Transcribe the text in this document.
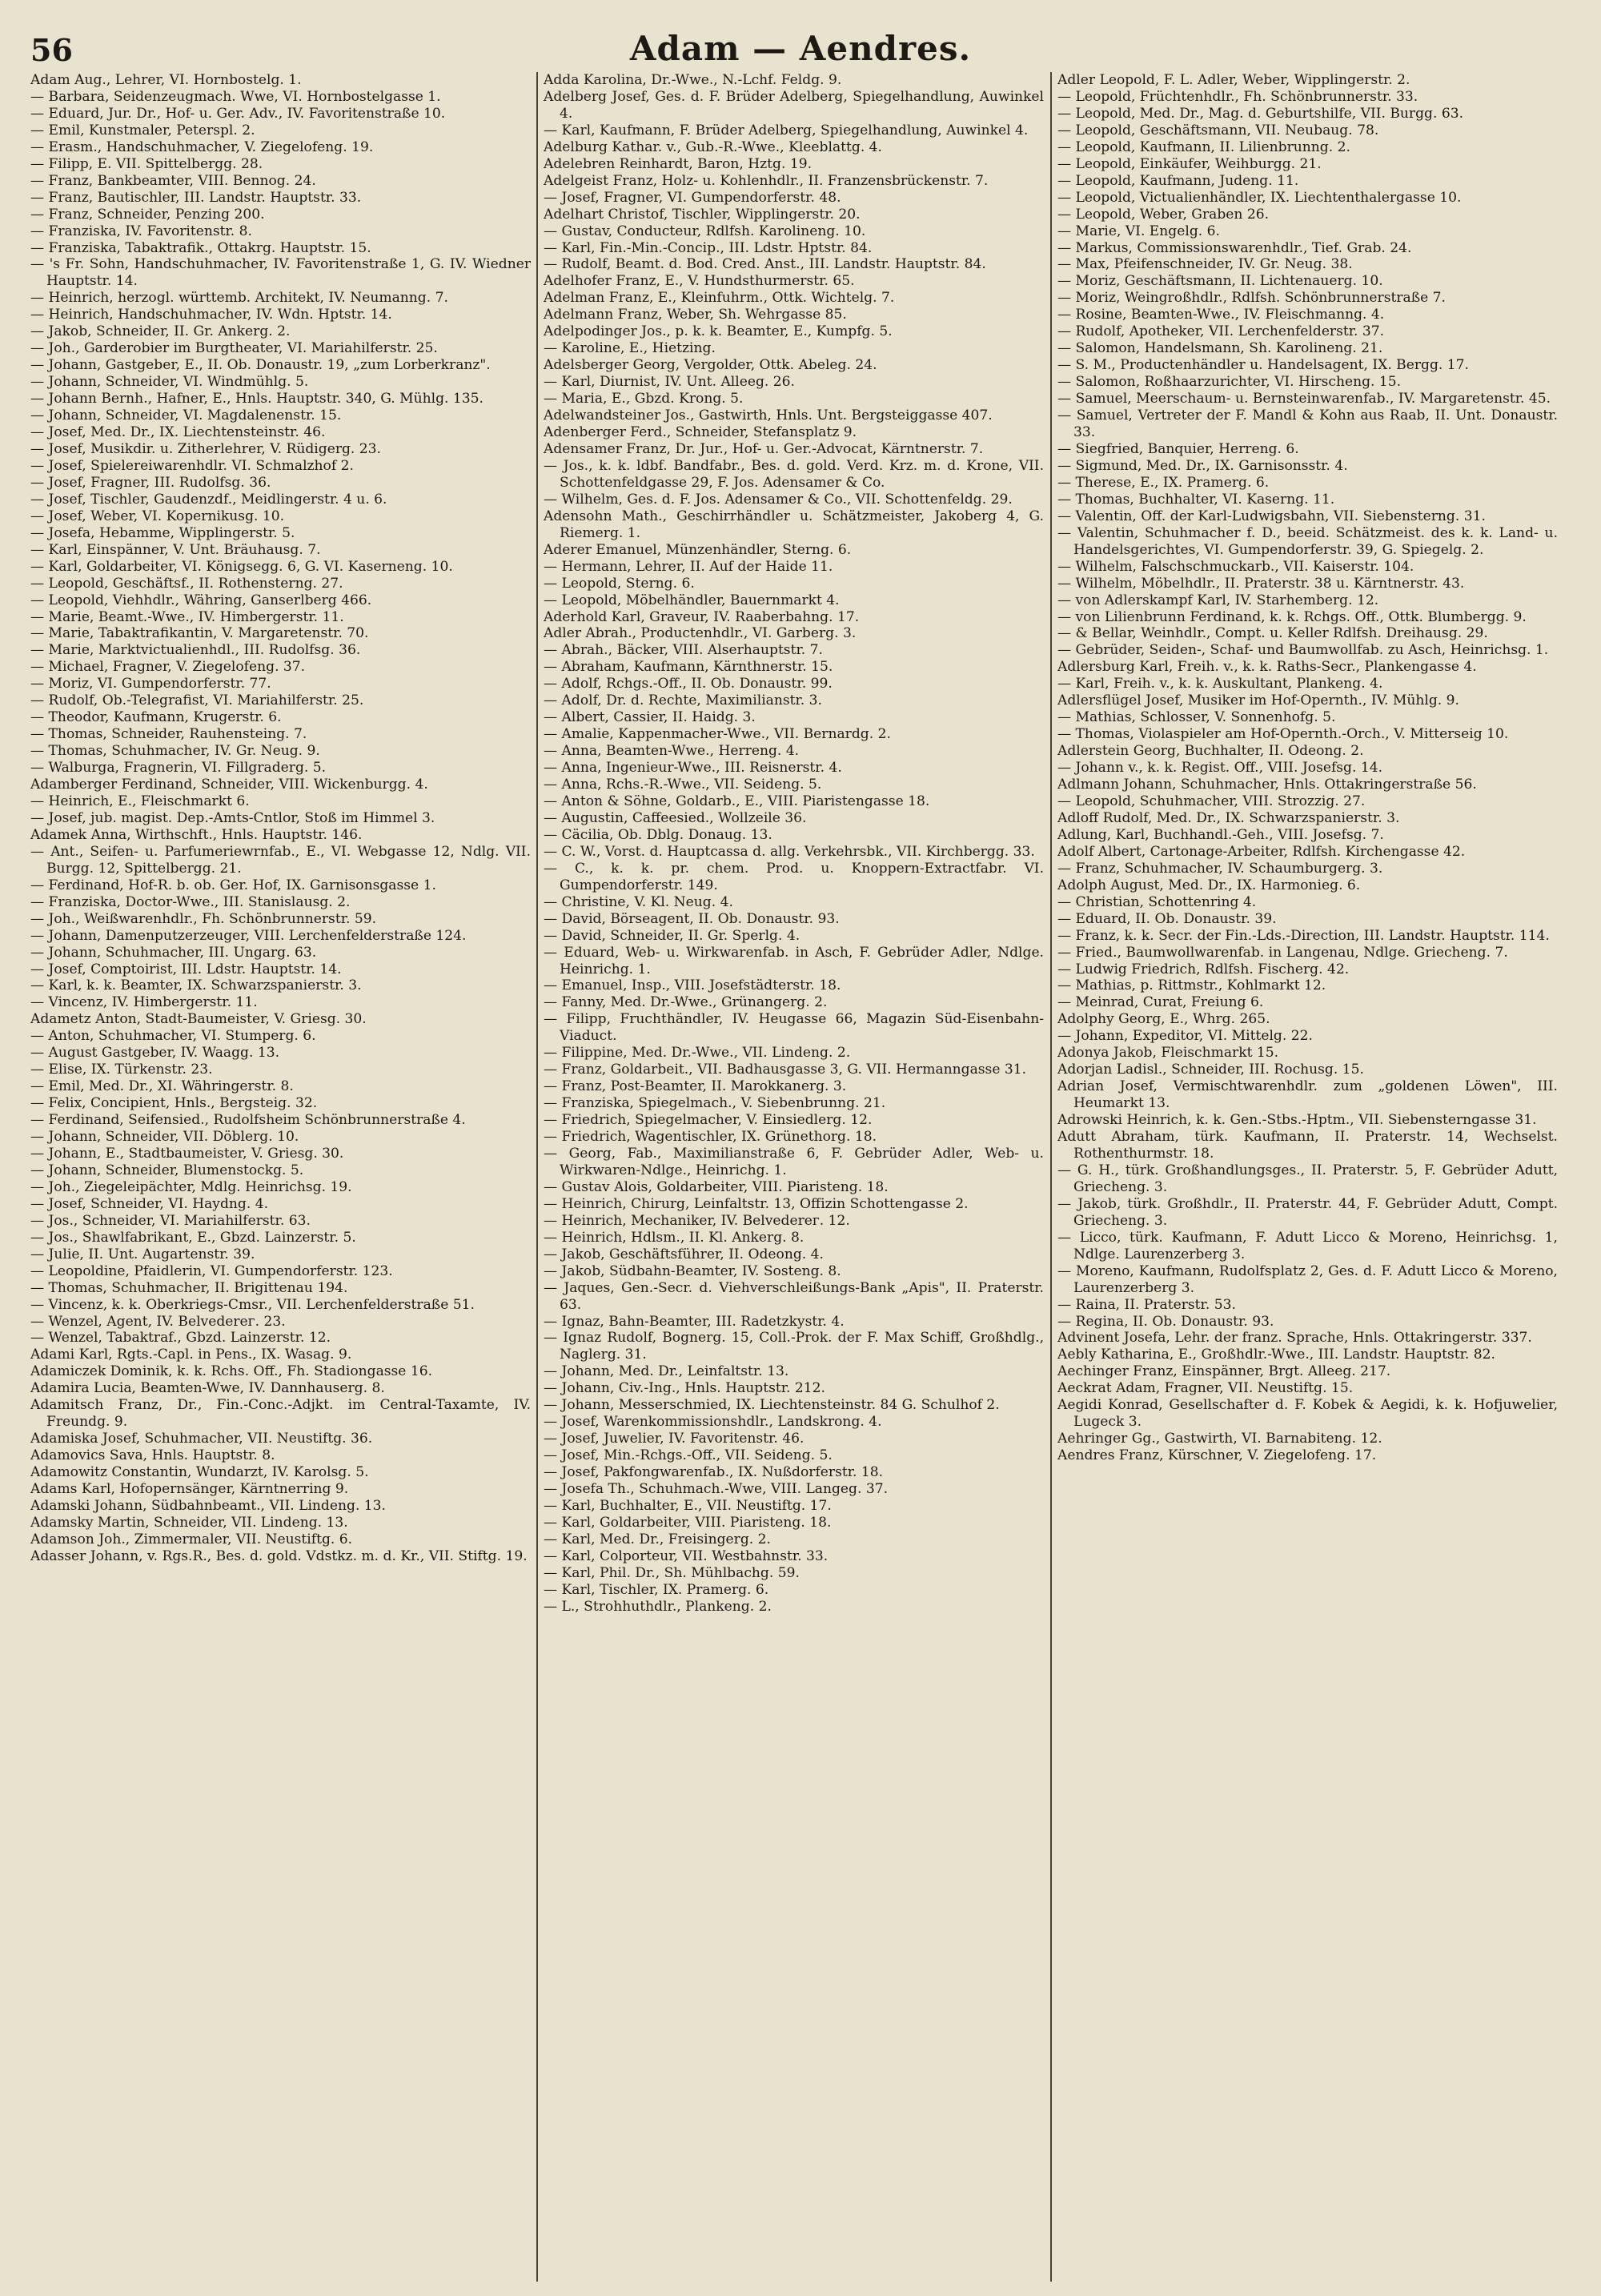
56	Adam — Aendres.
Adam Aug., Lehrer, VI. Hornbostelg. 1.
— Barbara, Seidenzeugmach. Wwe, VI. Hornbostelgasse 1.
— Eduard, Jur. Dr., Hof- u. Ger. Adv., IV. Favoritenstraße 10.
— Emil, Kunstmaler, Peterspl. 2.
— Erasm., Handschuhmacher, V. Ziegelofeng. 19.
— Filipp, E. VII. Spittelbergg. 28.
— Franz, Bankbeamter, VIII. Bennog. 24.
— Franz, Bautischler, III. Landstr. Hauptstr. 33.
— Franz, Schneider, Penzing 200.
— Franziska, IV. Favoritenstr. 8.
— Franziska, Tabaktrafik., Ottakrg. Hauptstr. 15.
— 's Fr. Sohn, Handschuhmacher, IV. Favoritenstraße 1, G. IV. Wiedner Hauptstr. 14.
— Heinrich, herzogl. württemb. Architekt, IV. Neumanng. 7.
— Heinrich, Handschuhmacher, IV. Wdn. Hptstr. 14.
— Jakob, Schneider, II. Gr. Ankerg. 2.
— Joh., Garderobier im Burgtheater, VI. Mariahilferstr. 25.
— Johann, Gastgeber, E., II. Ob. Donaustr. 19, „zum Lorberkranz".
— Johann, Schneider, VI. Windmühlg. 5.
— Johann Bernh., Hafner, E., Hnls. Hauptstr. 340, G. Mühlg. 135.
— Johann, Schneider, VI. Magdalenenstr. 15.
— Josef, Med. Dr., IX. Liechtensteinstr. 46.
— Josef, Musikdir. u. Zitherlehrer, V. Rüdigerg. 23.
— Josef, Spielereiwarenhdlr. VI. Schmalzhof 2.
— Josef, Fragner, III. Rudolfsg. 36.
— Josef, Tischler, Gaudenzdf., Meidlingerstr. 4 u. 6.
— Josef, Weber, VI. Kopernikusg. 10.
— Josefa, Hebamme, Wipplingerstr. 5.
— Karl, Einspänner, V. Unt. Bräuhausg. 7.
— Karl, Goldarbeiter, VI. Königsegg. 6, G. VI. Kaserneng. 10.
— Leopold, Geschäftsf., II. Rothensterng. 27.
— Leopold, Viehhdlr., Währing, Ganserlberg 466.
— Marie, Beamt.-Wwe., IV. Himbergerstr. 11.
— Marie, Tabaktrafikantin, V. Margaretenstr. 70.
— Marie, Marktvictualienhdl., III. Rudolfsg. 36.
— Michael, Fragner, V. Ziegelofeng. 37.
— Moriz, VI. Gumpendorferstr. 77.
— Rudolf, Ob.-Telegrafist, VI. Mariahilferstr. 25.
— Theodor, Kaufmann, Krugerstr. 6.
— Thomas, Schneider, Rauhensteing. 7.
— Thomas, Schuhmacher, IV. Gr. Neug. 9.
— Walburga, Fragnerin, VI. Fillgraderg. 5.
Adamberger Ferdinand, Schneider, VIII. Wickenburgg. 4.
— Heinrich, E., Fleischmarkt 6.
— Josef, jub. magist. Dep.-Amts-Cntlor, Stoß im Himmel 3.
Adamek Anna, Wirthschft., Hnls. Hauptstr. 146.
— Ant., Seifen- u. Parfumeriewrnfab., E., VI. Webgasse 12, Ndlg. VII. Burgg. 12, Spittelbergg. 21.
— Ferdinand, Hof-R. b. ob. Ger. Hof, IX. Garnisonsgasse 1.
— Franziska, Doctor-Wwe., III. Stanislausg. 2.
— Joh., Weißwarenhdlr., Fh. Schönbrunnerstr. 59.
— Johann, Damenputzerzeuger, VIII. Lerchenfelderstraße 124.
— Johann, Schuhmacher, III. Ungarg. 63.
— Josef, Comptoirist, III. Ldstr. Hauptstr. 14.
— Karl, k. k. Beamter, IX. Schwarzspanierstr. 3.
— Vincenz, IV. Himbergerstr. 11.
Adametz Anton, Stadt-Baumeister, V. Griesg. 30.
— Anton, Schuhmacher, VI. Stumperg. 6.
— August Gastgeber, IV. Waagg. 13.
— Elise, IX. Türkenstr. 23.
— Emil, Med. Dr., XI. Währingerstr. 8.
— Felix, Concipient, Hnls., Bergsteig. 32.
— Ferdinand, Seifensied., Rudolfsheim Schönbrunnerstraße 4.
— Johann, Schneider, VII. Döblerg. 10.
— Johann, E., Stadtbaumeister, V. Griesg. 30.
— Johann, Schneider, Blumenstockg. 5.
— Joh., Ziegeleipächter, Mdlg. Heinrichsg. 19.
— Josef, Schneider, VI. Haydng. 4.
— Jos., Schneider, VI. Mariahilferstr. 63.
— Jos., Shawlfabrikant, E., Gbzd. Lainzerstr. 5.
— Julie, II. Unt. Augartenstr. 39.
— Leopoldine, Pfaidlerin, VI. Gumpendorferstr. 123.
— Thomas, Schuhmacher, II. Brigittenau 194.
— Vincenz, k. k. Oberkriegs-Cmsr., VII. Lerchenfelderstraße 51.
— Wenzel, Agent, IV. Belvederег. 23.
— Wenzel, Tabaktraf., Gbzd. Lainzerstr. 12.
Adami Karl, Rgts.-Capl. in Pens., IX. Wasag. 9.
Adamiczek Dominik, k. k. Rchs. Off., Fh. Stadiongasse 16.
Adamira Lucia, Beamten-Wwe, IV. Dannhauserg. 8.
Adamitsch Franz, Dr., Fin.-Conc.-Adjkt. im Central-Taxamte, IV. Freundg. 9.
Adamiska Josef, Schuhmacher, VII. Neustiftg. 36.
Adamovics Sava, Hnls. Hauptstr. 8.
Adamowitz Constantin, Wundarzt, IV. Karolsg. 5.
Adams Karl, Hofopernsänger, Kärntnerring 9.
Adamski Johann, Südbahnbeamt., VII. Lindeng. 13.
Adamsky Martin, Schneider, VII. Lindeng. 13.
Adamson Joh., Zimmermaler, VII. Neustiftg. 6.
Adasser Johann, v. Rgs.R., Bes. d. gold. Vdstkz. m. d. Kr., VII. Stiftg. 19.
Adda Karolina, Dr.-Wwe., N.-Lchf. Feldg. 9.
Adelberg Josef, Ges. d. F. Brüder Adelberg, Spiegelhandlung, Auwinkel 4.
— Karl, Kaufmann, F. Brüder Adelberg, Spiegelhandlung, Auwinkel 4.
Adelburg Kathar. v., Gub.-R.-Wwe., Kleeblattg. 4.
Adelebren Reinhardt, Baron, Hztg. 19.
Adelgeist Franz, Holz- u. Kohlenhdlr., II. Franzensbrückenstr. 7.
— Josef, Fragner, VI. Gumpendorferstr. 48.
Adelhart Christof, Tischler, Wipplingerstr. 20.
— Gustav, Conducteur, Rdlfsh. Karolineng. 10.
— Karl, Fin.-Min.-Concip., III. Ldstr. Hptstr. 84.
— Rudolf, Beamt. d. Bod. Cred. Anst., III. Landstr. Hauptstr. 84.
Adelhofer Franz, E., V. Hundsthurmerstr. 65.
Adelman Franz, E., Kleinfuhrm., Ottk. Wichtelg. 7.
Adelmann Franz, Weber, Sh. Wehrgasse 85.
Adelpodinger Jos., p. k. k. Beamter, E., Kumpfg. 5.
— Karoline, E., Hietzing.
Adelsberger Georg, Vergolder, Ottk. Abeleg. 24.
— Karl, Diurnist, IV. Unt. Alleeg. 26.
— Maria, E., Gbzd. Krong. 5.
Adelwandsteiner Jos., Gastwirth, Hnls. Unt. Bergsteiggasse 407.
Adenberger Ferd., Schneider, Stefansplatz 9.
Adensamer Franz, Dr. Jur., Hof- u. Ger.-Advocat, Kärntnerstr. 7.
— Jos., k. k. ldbf. Bandfabr., Bes. d. gold. Verd. Krz. m. d. Krone, VII. Schottenfeldgasse 29, F. Jos. Adensamer & Co.
— Wilhelm, Ges. d. F. Jos. Adensamer & Co., VII. Schottenfeldg. 29.
Adensohn Math., Geschirrhändler u. Schätzmeister, Jakoberg 4, G. Riemerg. 1.
Aderer Emanuel, Münzenhändler, Sterng. 6.
— Hermann, Lehrer, II. Auf der Haide 11.
— Leopold, Sterng. 6.
— Leopold, Möbelhändler, Bauernmarkt 4.
Aderhold Karl, Graveur, IV. Raaberbahng. 17.
Adler Abrah., Productenhdlr., VI. Garberg. 3.
— Abrah., Bäcker, VIII. Alserhauptstr. 7.
— Abraham, Kaufmann, Kärnthnerstr. 15.
— Adolf, Rchgs.-Off., II. Ob. Donaustr. 99.
— Adolf, Dr. d. Rechte, Maximilianstr. 3.
— Albert, Cassier, II. Haidg. 3.
— Amalie, Kappenmacher-Wwe., VII. Bernardg. 2.
— Anna, Beamten-Wwe., Herreng. 4.
— Anna, Ingenieur-Wwe., III. Reisnerstr. 4.
— Anna, Rchs.-R.-Wwe., VII. Seideng. 5.
— Anton & Söhne, Goldarb., E., VIII. Piaristengasse 18.
— Augustin, Caffeesied., Wollzeile 36.
— Cäcilia, Ob. Dblg. Donaug. 13.
— C. W., Vorst. d. Hauptcassa d. allg. Verkehrsbk., VII. Kirchbergg. 33.
— C., k. k. pr. chem. Prod. u. Knoppern-Extractfabr. VI. Gumpendorferstr. 149.
— Christine, V. Kl. Neug. 4.
— David, Börseagent, II. Ob. Donaustr. 93.
— David, Schneider, II. Gr. Sperlg. 4.
— Eduard, Web- u. Wirkwarenfab. in Asch, F. Gebrüder Adler, Ndlge. Heinrichg. 1.
— Emanuel, Insp., VIII. Josefstädterstr. 18.
— Fanny, Med. Dr.-Wwe., Grünangerg. 2.
— Filipp, Fruchthändler, IV. Heugasse 66, Magazin Süd-Eisenbahn-Viaduct.
— Filippine, Med. Dr.-Wwe., VII. Lindeng. 2.
— Franz, Goldarbeit., VII. Badhausgasse 3, G. VII. Hermanngasse 31.
— Franz, Post-Beamter, II. Marokkanerg. 3.
— Franziska, Spiegelmach., V. Siebenbrunng. 21.
— Friedrich, Spiegelmacher, V. Einsiedlerg. 12.
— Friedrich, Wagentischler, IX. Grünethorg. 18.
— Georg, Fab., Maximilianstraße 6, F. Gebrüder Adler, Web- u. Wirkwaren-Ndlge., Heinrichg. 1.
— Gustav Alois, Goldarbeiter, VIII. Piaristeng. 18.
— Heinrich, Chirurg, Leinfaltstr. 13, Offizin Schottengasse 2.
— Heinrich, Mechaniker, IV. Belvederег. 12.
— Heinrich, Hdlsm., II. Kl. Ankerg. 8.
— Jakob, Geschäftsführer, II. Odeong. 4.
— Jakob, Südbahn-Beamter, IV. Sosteng. 8.
— Jaques, Gen.-Secr. d. Viehverschleißungs-Bank „Apis", II. Praterstr. 63.
— Ignaz, Bahn-Beamter, III. Radetzkystr. 4.
— Ignaz Rudolf, Bognerg. 15, Coll.-Prok. der F. Max Schiff, Großhdlg., Naglerg. 31.
— Johann, Med. Dr., Leinfaltstr. 13.
— Johann, Civ.-Ing., Hnls. Hauptstr. 212.
— Johann, Messerschmied, IX. Liechtensteinstr. 84 G. Schulhof 2.
— Josef, Warenkommissionshdlr., Landskrong. 4.
— Josef, Juwelier, IV. Favoritenstr. 46.
— Josef, Min.-Rchgs.-Off., VII. Seideng. 5.
— Josef, Pakfongwarenfab., IX. Nußdorferstr. 18.
— Josefa Th., Schuhmach.-Wwe, VIII. Langeg. 37.
— Karl, Buchhalter, E., VII. Neustiftg. 17.
— Karl, Goldarbeiter, VIII. Piaristeng. 18.
— Karl, Med. Dr., Freisingerg. 2.
— Karl, Colporteur, VII. Westbahnstr. 33.
— Karl, Phil. Dr., Sh. Mühlbachg. 59.
— Karl, Tischler, IX. Pramerg. 6.
— L., Strohhuthdlr., Plankeng. 2.
Adler Leopold, F. L. Adler, Weber, Wipplingerstr. 2.
— Leopold, Früchtenhdlr., Fh. Schönbrunnerstr. 33.
— Leopold, Med. Dr., Mag. d. Geburtshilfe, VII. Burgg. 63.
— Leopold, Geschäftsmann, VII. Neubaug. 78.
— Leopold, Kaufmann, II. Lilienbrunng. 2.
— Leopold, Einkäufer, Weihburgg. 21.
— Leopold, Kaufmann, Judeng. 11.
— Leopold, Victualienhändler, IX. Liechtenthalergasse 10.
— Leopold, Weber, Graben 26.
— Marie, VI. Engelg. 6.
— Markus, Commissionswarenhdlr., Tief. Grab. 24.
— Max, Pfeifenschneider, IV. Gr. Neug. 38.
— Moriz, Geschäftsmann, II. Lichtenauerg. 10.
— Moriz, Weingroßhdlr., Rdlfsh. Schönbrunnerstraße 7.
— Rosine, Beamten-Wwe., IV. Fleischmanng. 4.
— Rudolf, Apotheker, VII. Lerchenfelderstr. 37.
— Salomon, Handelsmann, Sh. Karolineng. 21.
— S. M., Productenhändler u. Handelsagent, IX. Bergg. 17.
— Salomon, Roßhaarzurichter, VI. Hirscheng. 15.
— Samuel, Meerschaum- u. Bernsteinwarenfab., IV. Margaretenstr. 45.
— Samuel, Vertreter der F. Mandl & Kohn aus Raab, II. Unt. Donaustr. 33.
— Siegfried, Banquier, Herreng. 6.
— Sigmund, Med. Dr., IX. Garnisonsstr. 4.
— Therese, E., IX. Pramerg. 6.
— Thomas, Buchhalter, VI. Kaserng. 11.
— Valentin, Off. der Karl-Ludwigsbahn, VII. Siebensterng. 31.
— Valentin, Schuhmacher f. D., beeid. Schätzmeist. des k. k. Land- u. Handelsgerichtes, VI. Gumpendorferstr. 39, G. Spiegelg. 2.
— Wilhelm, Falschschmuckarb., VII. Kaiserstr. 104.
— Wilhelm, Möbelhdlr., II. Praterstr. 38 u. Kärntnerstr. 43.
— von Adlerskampf Karl, IV. Starhemberg. 12.
— von Lilienbrunn Ferdinand, k. k. Rchgs. Off., Ottk. Blumbergg. 9.
— & Bellar, Weinhdlr., Compt. u. Keller Rdlfsh. Dreihausg. 29.
— Gebrüder, Seiden-, Schaf- und Baumwollfab. zu Asch, Heinrichsg. 1.
Adlersburg Karl, Freih. v., k. k. Raths-Secr., Plankengasse 4.
— Karl, Freih. v., k. k. Auskultant, Plankeng. 4.
Adlersflügel Josef, Musiker im Hof-Opernth., IV. Mühlg. 9.
— Mathias, Schlosser, V. Sonnenhofg. 5.
— Thomas, Violaspieler am Hof-Opernth.-Orch., V. Mitterseig 10.
Adlerstein Georg, Buchhalter, II. Odeong. 2.
— Johann v., k. k. Regist. Off., VIII. Josefsg. 14.
Adlmann Johann, Schuhmacher, Hnls. Ottakringerstraße 56.
— Leopold, Schuhmacher, VIII. Strozzig. 27.
Adloff Rudolf, Med. Dr., IX. Schwarzspanierstr. 3.
Adlung, Karl, Buchhandl.-Geh., VIII. Josefsg. 7.
Adolf Albert, Cartonage-Arbeiter, Rdlfsh. Kirchengasse 42.
— Franz, Schuhmacher, IV. Schaumburgerg. 3.
Adolph August, Med. Dr., IX. Harmonieg. 6.
— Christian, Schottenring 4.
— Eduard, II. Ob. Donaustr. 39.
— Franz, k. k. Secr. der Fin.-Lds.-Direction, III. Landstr. Hauptstr. 114.
— Fried., Baumwollwarenfab. in Langenau, Ndlge. Griecheng. 7.
— Ludwig Friedrich, Rdlfsh. Fischerg. 42.
— Mathias, p. Rittmstr., Kohlmarkt 12.
— Meinrad, Curat, Freiung 6.
Adolphy Georg, E., Whrg. 265.
— Johann, Expeditor, VI. Mittelg. 22.
Adonya Jakob, Fleischmarkt 15.
Adorjan Ladisl., Schneider, III. Rochusg. 15.
Adrian Josef, Vermischtwarenhdlr. zum „goldenen Löwen", III. Heumarkt 13.
Adrowski Heinrich, k. k. Gen.-Stbs.-Hptm., VII. Siebensterngasse 31.
Adutt Abraham, türk. Kaufmann, II. Praterstr. 14, Wechselst. Rothenthurmstr. 18.
— G. H., türk. Großhandlungsges., II. Praterstr. 5, F. Gebrüder Adutt, Griecheng. 3.
— Jakob, türk. Großhdlr., II. Praterstr. 44, F. Gebrüder Adutt, Compt. Griecheng. 3.
— Licco, türk. Kaufmann, F. Adutt Licco & Moreno, Heinrichsg. 1, Ndlge. Laurenzerberg 3.
— Moreno, Kaufmann, Rudolfsplatz 2, Ges. d. F. Adutt Licco & Moreno, Laurenzerberg 3.
— Raina, II. Praterstr. 53.
— Regina, II. Ob. Donaustr. 93.
Advinent Josefa, Lehr. der franz. Sprache, Hnls. Ottakringerstr. 337.
Aebly Katharina, E., Großhdlr.-Wwe., III. Landstr. Hauptstr. 82.
Aechinger Franz, Einspänner, Brgt. Alleeg. 217.
Aeckrat Adam, Fragner, VII. Neustiftg. 15.
Aegidi Konrad, Gesellschafter d. F. Kobek & Aegidi, k. k. Hofjuwelier, Lugeck 3.
Aehringer Gg., Gastwirth, VI. Barnabiteng. 12.
Aendres Franz, Kürschner, V. Ziegelofeng. 17.
